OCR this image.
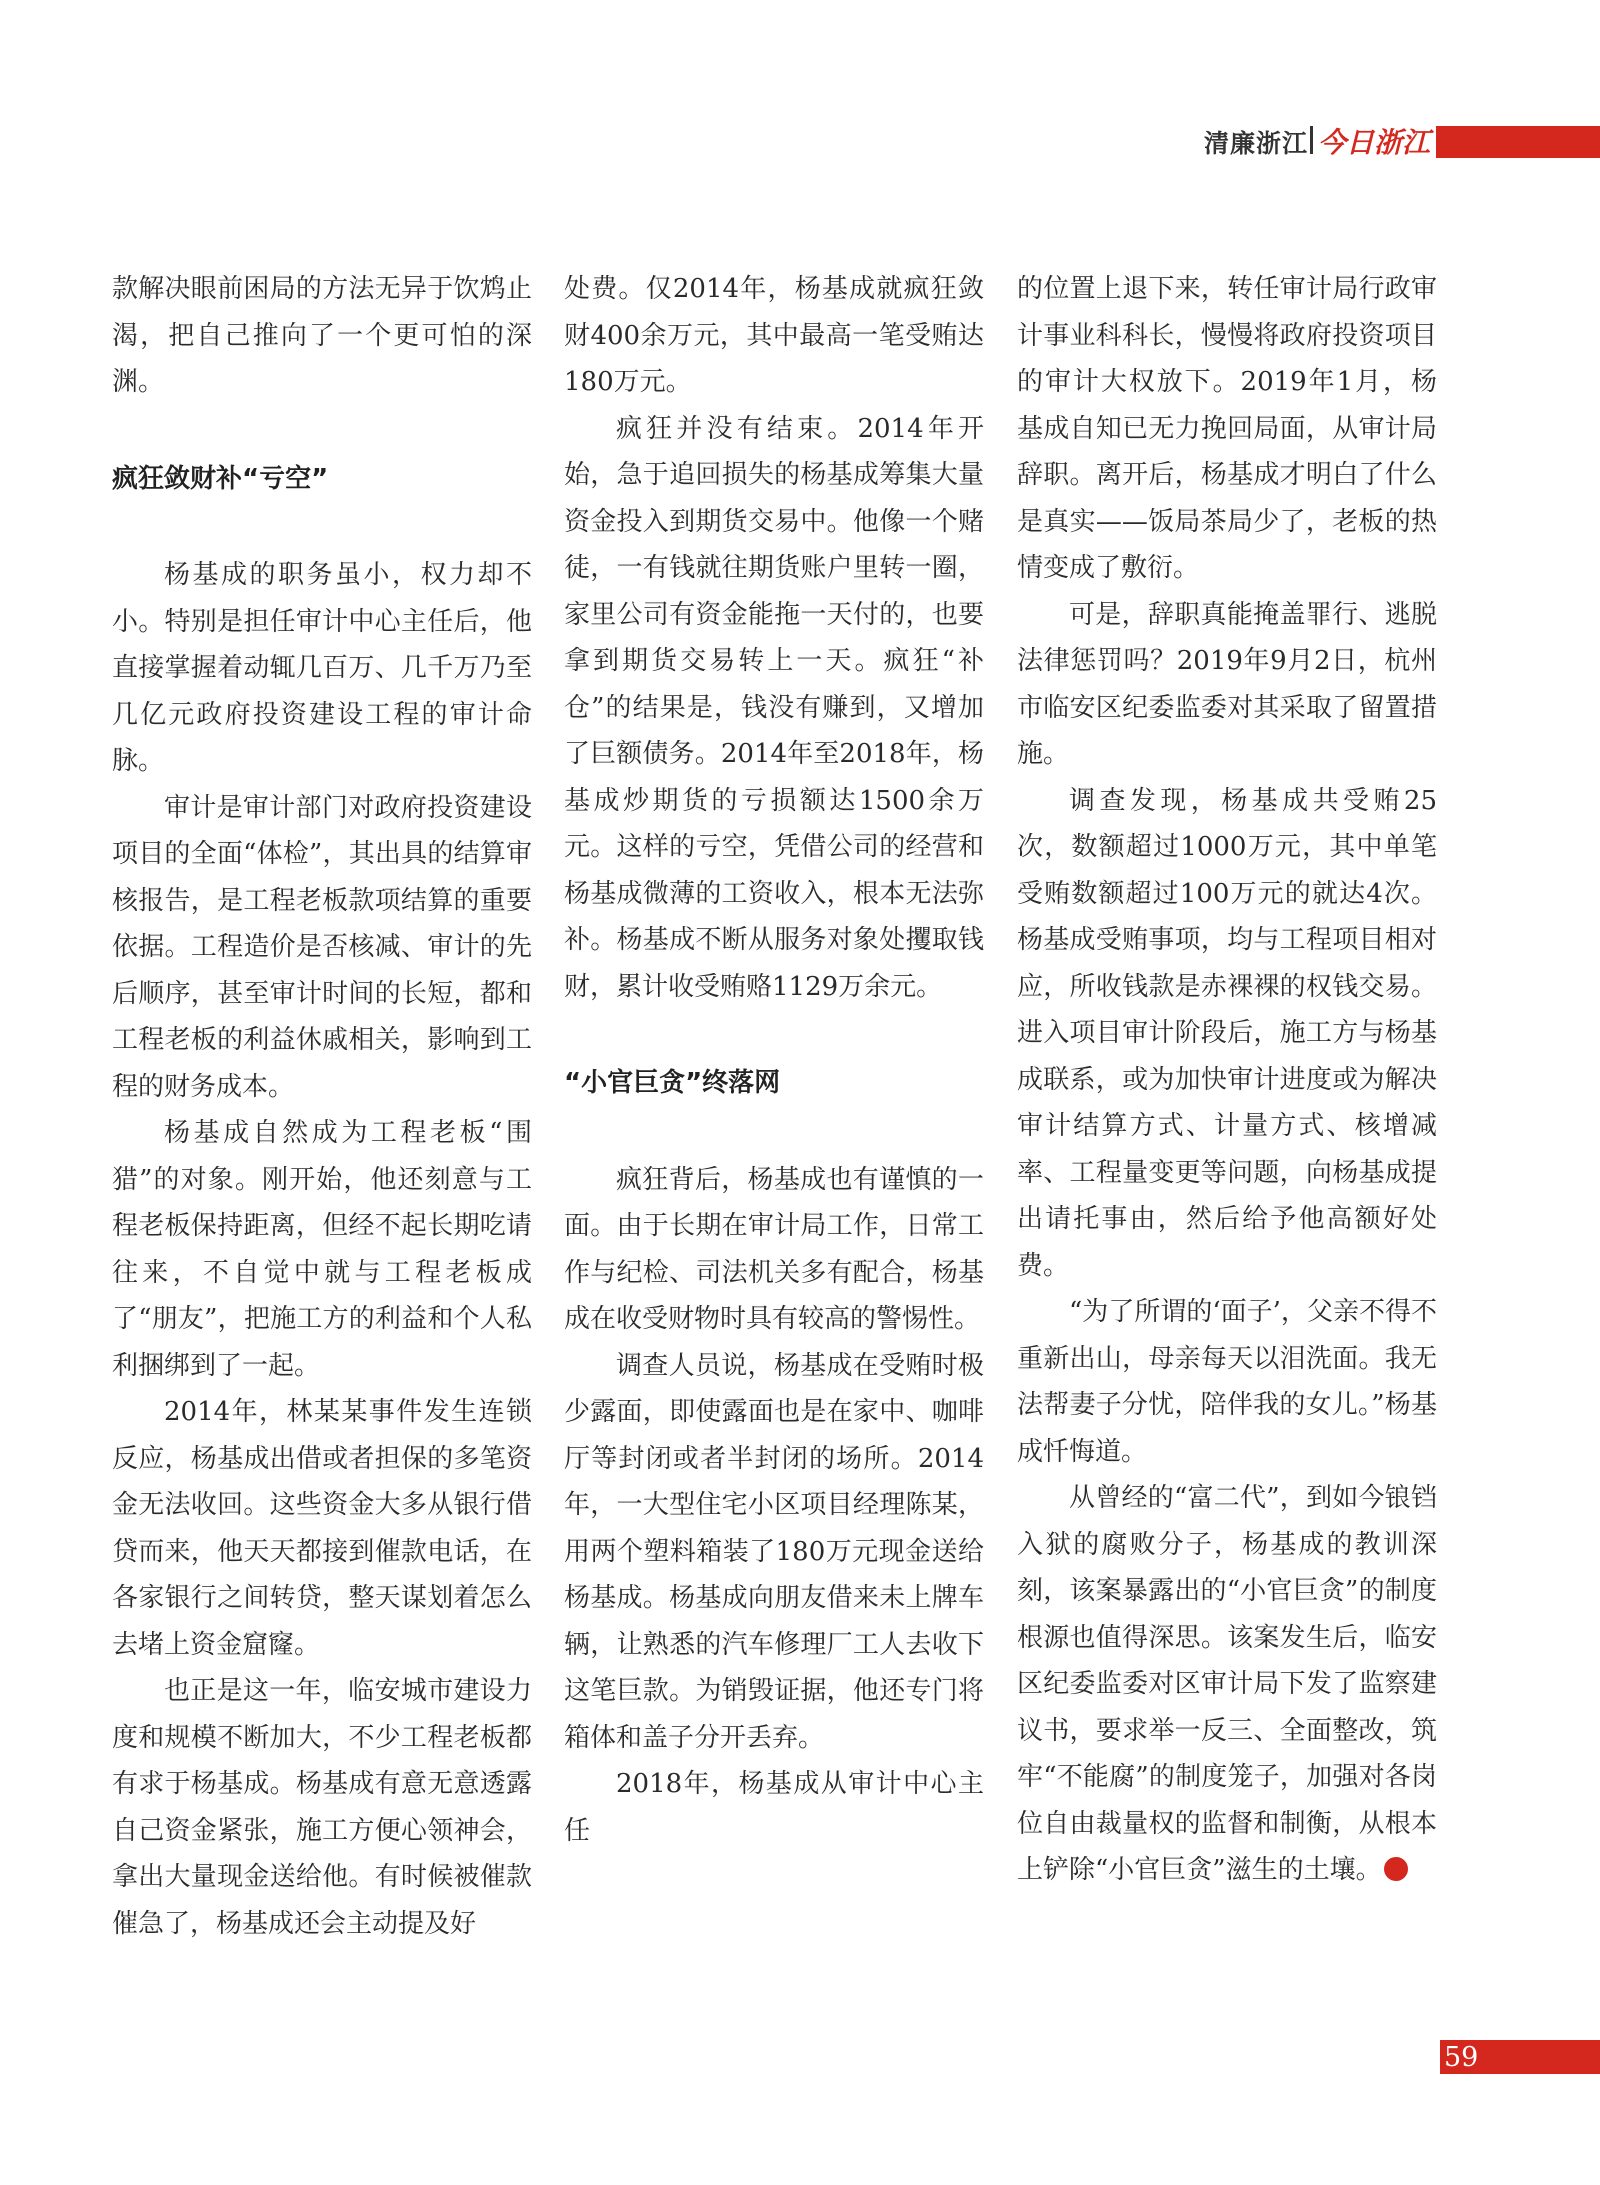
清廉浙江 今日浙江

款解决眼前困局的方法无异于饮鸩止渴，把自己推向了一个更可怕的深渊。

疯狂敛财补“亏空”

杨基成的职务虽小，权力却不小。特别是担任审计中心主任后，他直接掌握着动辄几百万、几千万乃至几亿元政府投资建设工程的审计命脉。

审计是审计部门对政府投资建设项目的全面“体检”，其出具的结算审核报告，是工程老板款项结算的重要依据。工程造价是否核减、审计的先后顺序，甚至审计时间的长短，都和工程老板的利益休戚相关，影响到工程的财务成本。

杨基成自然成为工程老板“围猎”的对象。刚开始，他还刻意与工程老板保持距离，但经不起长期吃请往来，不自觉中就与工程老板成了“朋友”，把施工方的利益和个人私利捆绑到了一起。

2014年，林某某事件发生连锁反应，杨基成出借或者担保的多笔资金无法收回。这些资金大多从银行借贷而来，他天天都接到催款电话，在各家银行之间转贷，整天谋划着怎么去堵上资金窟窿。

也正是这一年，临安城市建设力度和规模不断加大，不少工程老板都有求于杨基成。杨基成有意无意透露自己资金紧张，施工方便心领神会，拿出大量现金送给他。有时候被催款催急了，杨基成还会主动提及好

处费。仅2014年，杨基成就疯狂敛财400余万元，其中最高一笔受贿达180万元。

疯狂并没有结束。2014年开始，急于追回损失的杨基成筹集大量资金投入到期货交易中。他像一个赌徒，一有钱就往期货账户里转一圈，家里公司有资金能拖一天付的，也要拿到期货交易转上一天。疯狂“补仓”的结果是，钱没有赚到，又增加了巨额债务。2014年至2018年，杨基成炒期货的亏损额达1500余万元。这样的亏空，凭借公司的经营和杨基成微薄的工资收入，根本无法弥补。杨基成不断从服务对象处攫取钱财，累计收受贿赂1129万余元。

“小官巨贪”终落网

疯狂背后，杨基成也有谨慎的一面。由于长期在审计局工作，日常工作与纪检、司法机关多有配合，杨基成在收受财物时具有较高的警惕性。

调查人员说，杨基成在受贿时极少露面，即使露面也是在家中、咖啡厅等封闭或者半封闭的场所。2014年，一大型住宅小区项目经理陈某，用两个塑料箱装了180万元现金送给杨基成。杨基成向朋友借来未上牌车辆，让熟悉的汽车修理厂工人去收下这笔巨款。为销毁证据，他还专门将箱体和盖子分开丢弃。

2018年，杨基成从审计中心主任

的位置上退下来，转任审计局行政审计事业科科长，慢慢将政府投资项目的审计大权放下。2019年1月，杨基成自知已无力挽回局面，从审计局辞职。离开后，杨基成才明白了什么是真实——饭局茶局少了，老板的热情变成了敷衍。

可是，辞职真能掩盖罪行、逃脱法律惩罚吗？2019年9月2日，杭州市临安区纪委监委对其采取了留置措施。

调查发现，杨基成共受贿25次，数额超过1000万元，其中单笔受贿数额超过100万元的就达4次。杨基成受贿事项，均与工程项目相对应，所收钱款是赤裸裸的权钱交易。进入项目审计阶段后，施工方与杨基成联系，或为加快审计进度或为解决审计结算方式、计量方式、核增减率、工程量变更等问题，向杨基成提出请托事由，然后给予他高额好处费。

“为了所谓的‘面子’，父亲不得不重新出山，母亲每天以泪洗面。我无法帮妻子分忧，陪伴我的女儿。”杨基成忏悔道。

从曾经的“富二代”，到如今锒铛入狱的腐败分子，杨基成的教训深刻，该案暴露出的“小官巨贪”的制度根源也值得深思。该案发生后，临安区纪委监委对区审计局下发了监察建议书，要求举一反三、全面整改，筑牢“不能腐”的制度笼子，加强对各岗位自由裁量权的监督和制衡，从根本上铲除“小官巨贪”滋生的土壤。

59
